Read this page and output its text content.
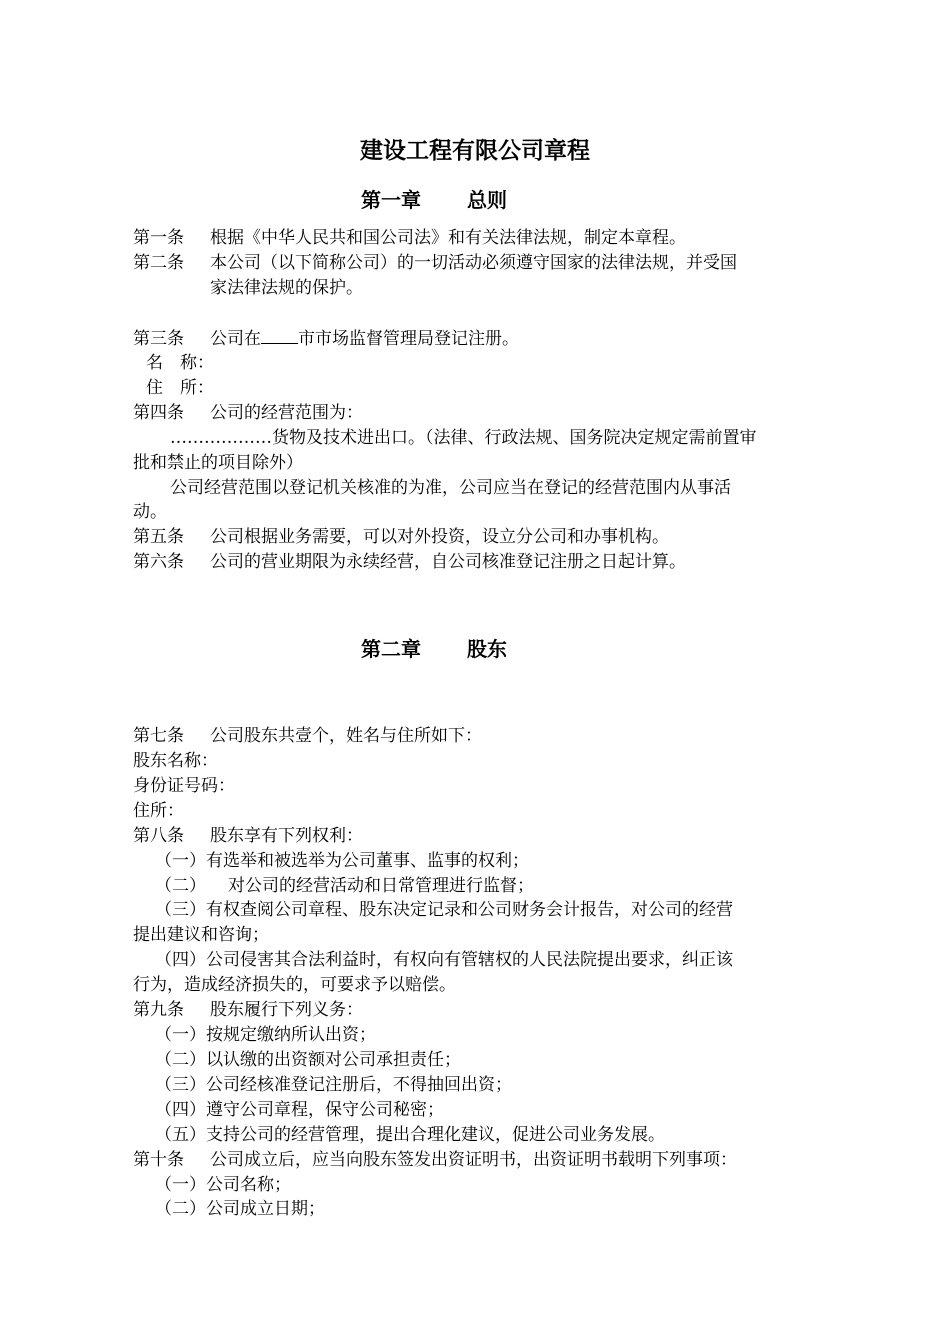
建设工程有限公司章程
第一章 总则
第一条 根据《中华人民共和国公司法》和有关法律法规，制定本章程。
第二条 本公司（以下简称公司）的一切活动必须遵守国家的法律法规，并受国
家法律法规的保护。
第三条 公司在 市市场监督管理局登记注册。
名　称：
住　所：
第四条 公司的经营范围为：
………………货物及技术进出口。（法律、行政法规、国务院决定规定需前置审
批和禁止的项目除外）
公司经营范围以登记机关核准的为准，公司应当在登记的经营范围内从事活
动。
第五条 公司根据业务需要，可以对外投资，设立分公司和办事机构。
第六条 公司的营业期限为永续经营，自公司核准登记注册之日起计算。
第二章 股东
第七条 公司股东共壹个，姓名与住所如下：
股东名称：
身份证号码：
住所：
第八条 股东享有下列权利：
（一）有选举和被选举为公司董事、监事的权利；
（二） 对公司的经营活动和日常管理进行监督；
（三）有权查阅公司章程、股东决定记录和公司财务会计报告，对公司的经营
提出建议和咨询；
（四）公司侵害其合法利益时，有权向有管辖权的人民法院提出要求，纠正该
行为，造成经济损失的，可要求予以赔偿。
第九条 股东履行下列义务：
（一）按规定缴纳所认出资；
（二）以认缴的出资额对公司承担责任；
（三）公司经核准登记注册后，不得抽回出资；
（四）遵守公司章程，保守公司秘密；
（五）支持公司的经营管理，提出合理化建议，促进公司业务发展。
第十条 公司成立后，应当向股东签发出资证明书，出资证明书载明下列事项：
（一）公司名称；
（二）公司成立日期；
